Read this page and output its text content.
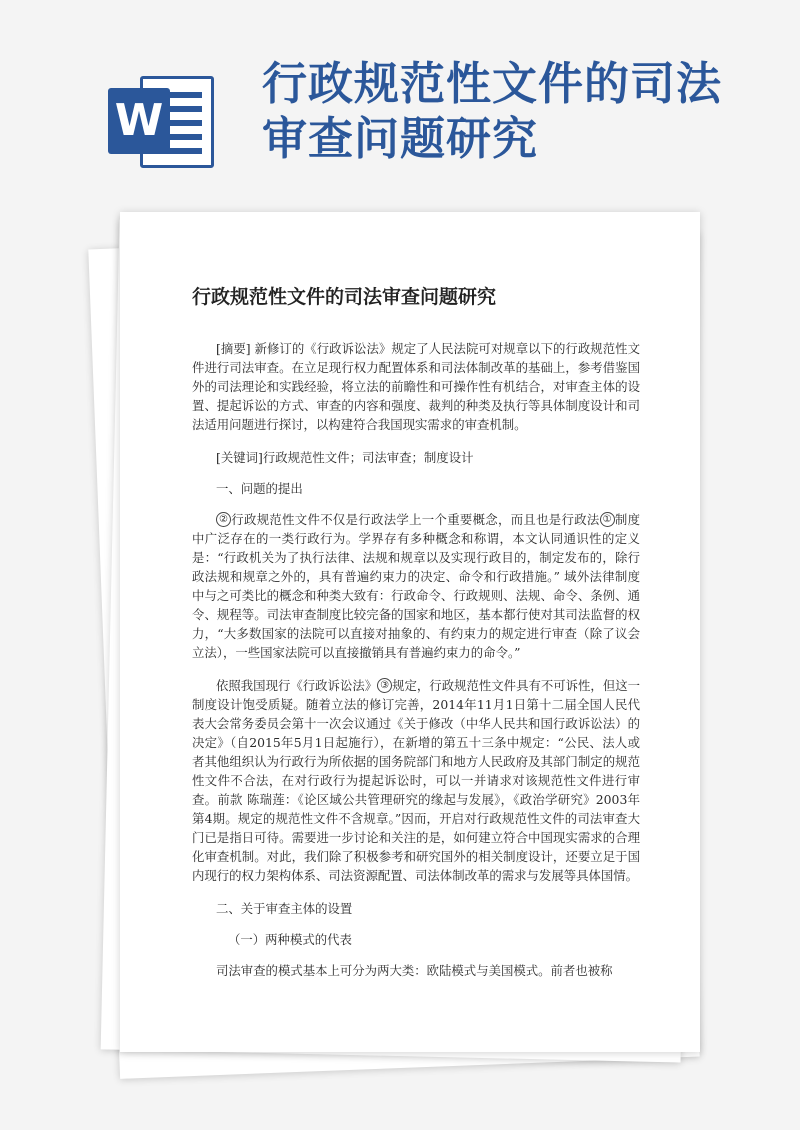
W
行政规范性文件的司法审查问题研究
行政规范性文件的司法审查问题研究

[摘要] 新修订的《行政诉讼法》规定了人民法院可对规章以下的行政规范性文件进行司法审查。在立足现行权力配置体系和司法体制改革的基础上，参考借鉴国外的司法理论和实践经验，将立法的前瞻性和可操作性有机结合，对审查主体的设置、提起诉讼的方式、审查的内容和强度、裁判的种类及执行等具体制度设计和司法适用问题进行探讨，以构建符合我国现实需求的审查机制。

[关键词]行政规范性文件；司法审查；制度设计

一、问题的提出

② 行政规范性文件不仅是行政法学上一个重要概念，而且也是行政法 ① 制度中广泛存在的一类行政行为。学界存有多种概念和称谓，本文认同通识性的定义是：“行政机关为了执行法律、法规和规章以及实现行政目的，制定发布的，除行政法规和规章之外的，具有普遍约束力的决定、命令和行政措施。” 域外法律制度中与之可类比的概念和种类大致有：行政命令、行政规则、法规、命令、条例、通令、规程等。司法审查制度比较完备的国家和地区，基本都行使对其司法监督的权力，“大多数国家的法院可以直接对抽象的、有约束力的规定进行审查（除了议会立法），一些国家法院可以直接撤销具有普遍约束力的命令。”

依照我国现行《行政诉讼法》 ③ 规定，行政规范性文件具有不可诉性，但这一制度设计饱受质疑。随着立法的修订完善，2014年11月1日第十二届全国人民代表大会常务委员会第十一次会议通过《关于修改（中华人民共和国行政诉讼法）的决定》（自2015年5月1日起施行），在新增的第五十三条中规定：“公民、法人或者其他组织认为行政行为所依据的国务院部门和地方人民政府及其部门制定的规范性文件不合法，在对行政行为提起诉讼时，可以一并请求对该规范性文件进行审查。前款 陈瑞莲：《论区域公共管理研究的缘起与发展》，《政治学研究》2003年第4期。规定的规范性文件不含规章。”因而，开启对行政规范性文件的司法审查大门已是指日可待。需要进一步讨论和关注的是，如何建立符合中国现实需求的合理化审查机制。对此，我们除了积极参考和研究国外的相关制度设计，还要立足于国内现行的权力架构体系、司法资源配置、司法体制改革的需求与发展等具体国情。

二、关于审查主体的设置

（一）两种模式的代表

司法审查的模式基本上可分为两大类：欧陆模式与美国模式。前者也被称
